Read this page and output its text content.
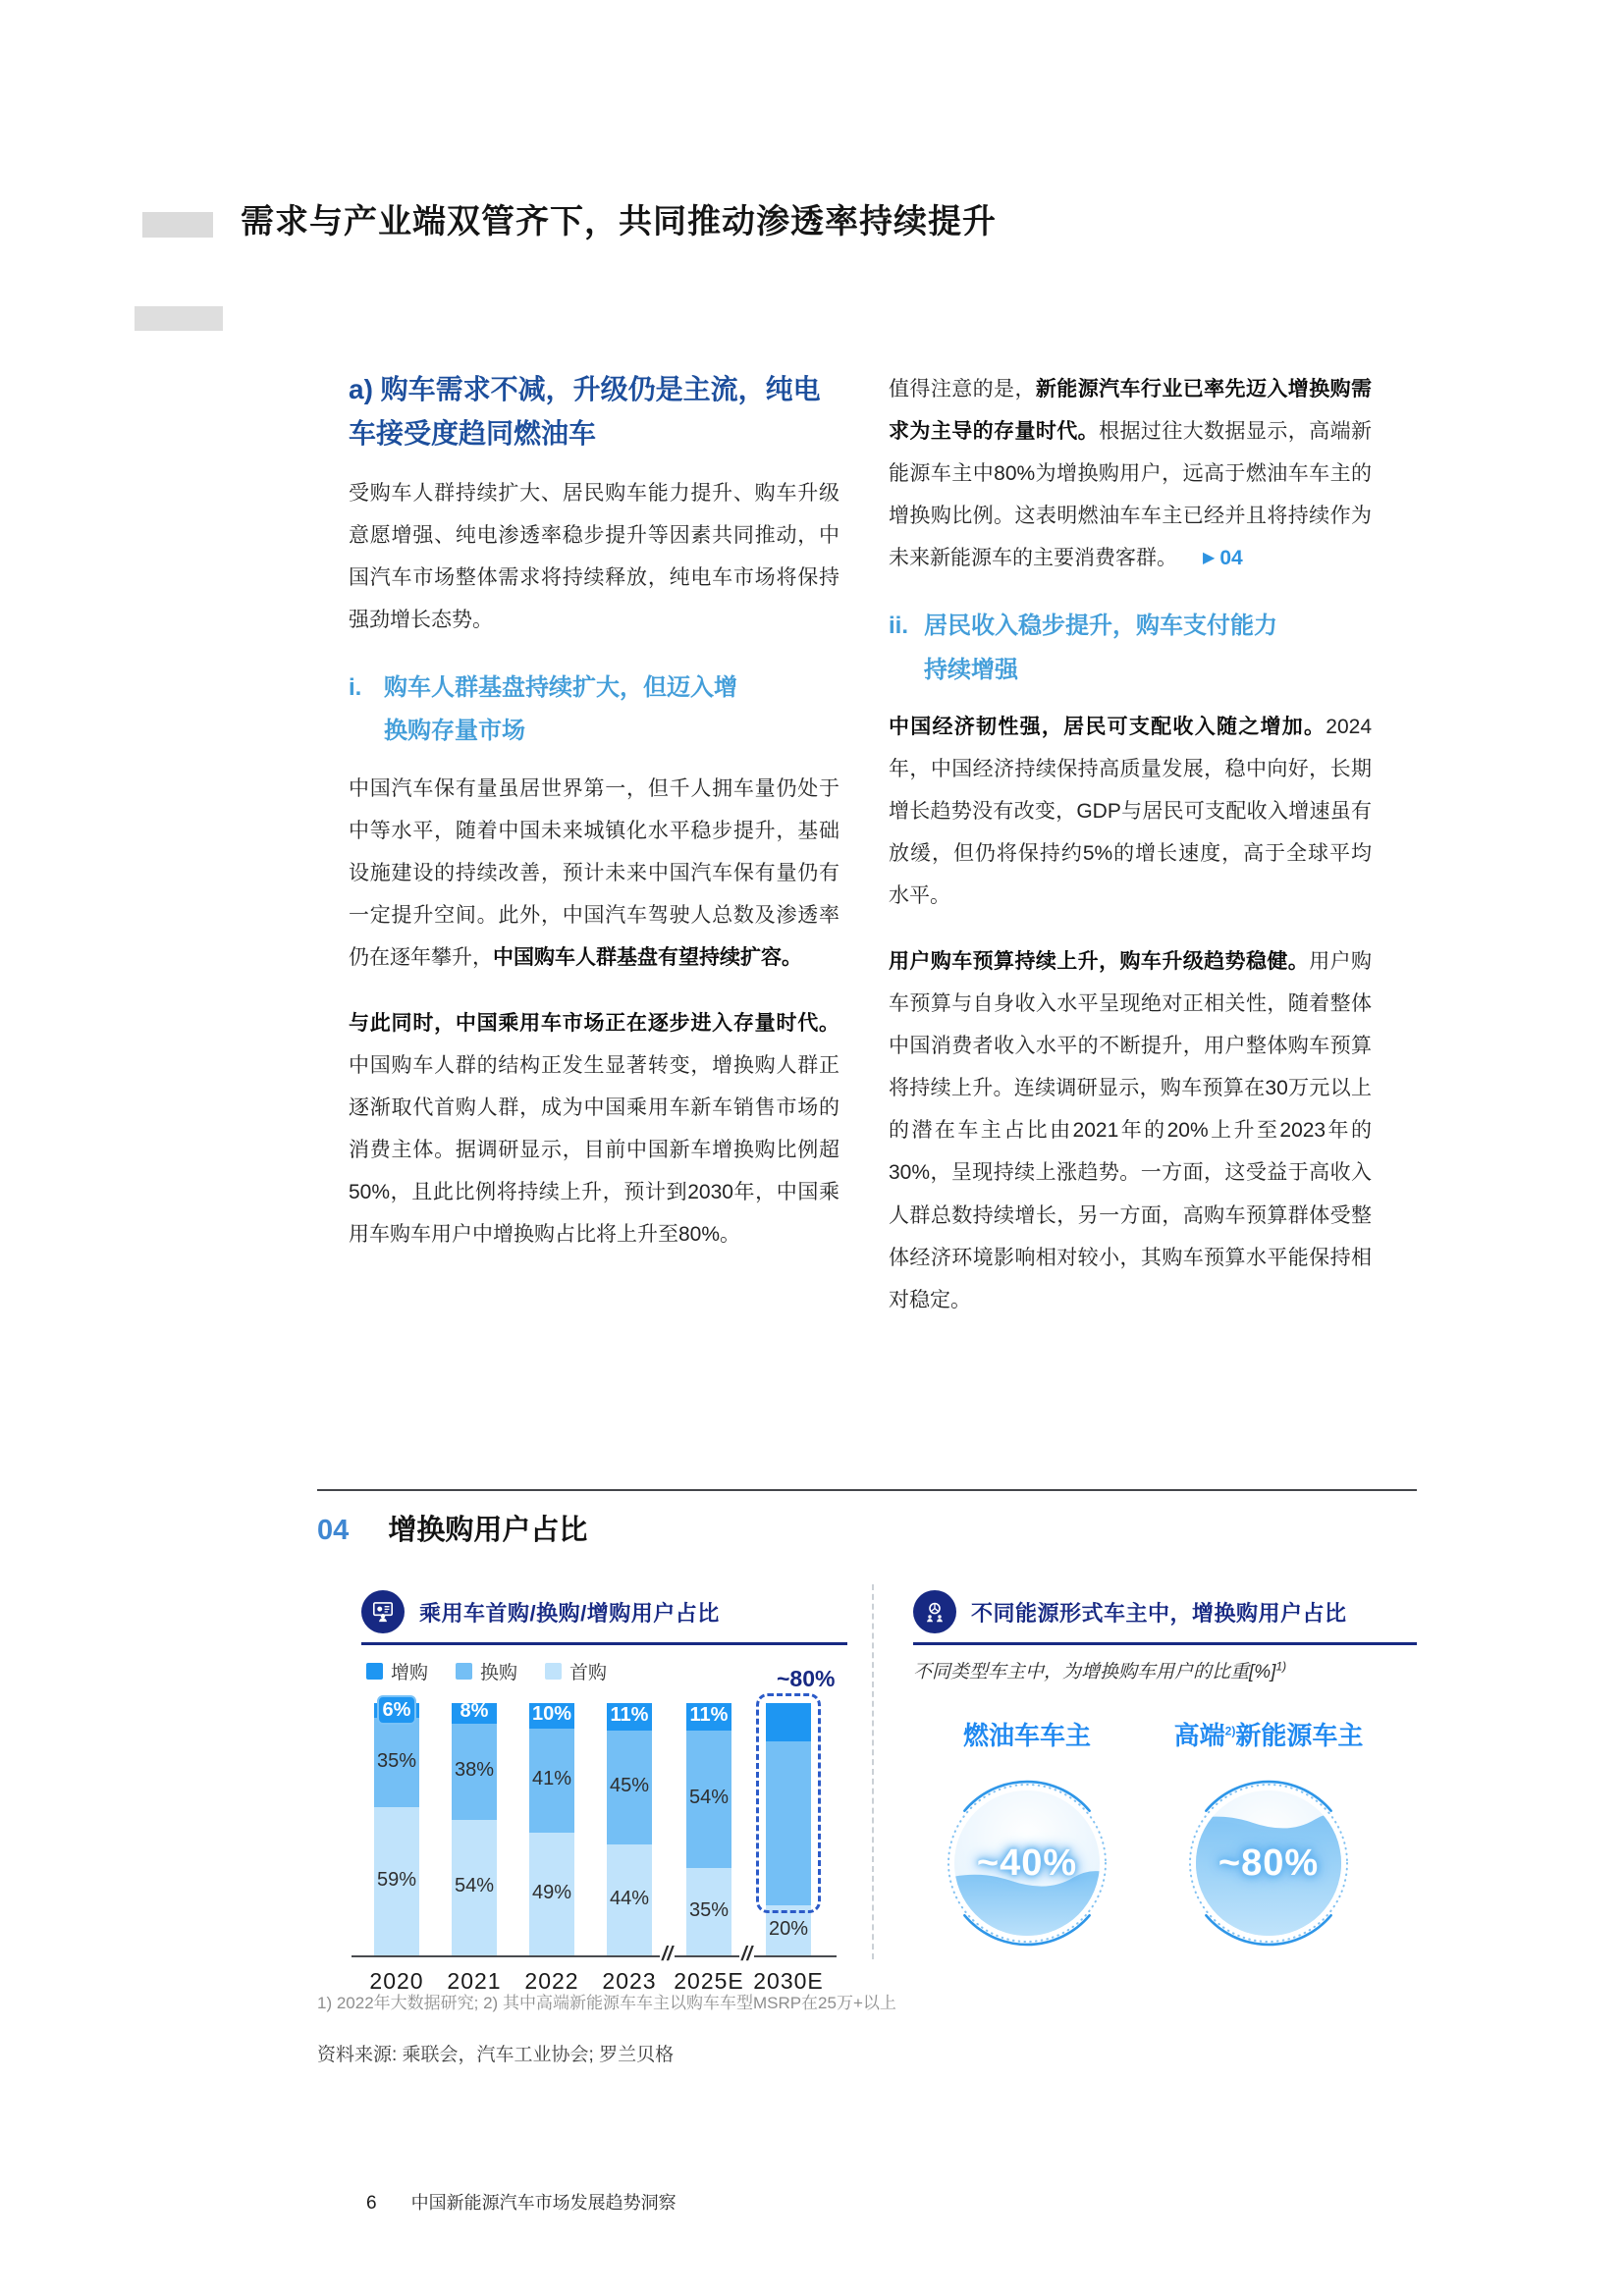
需求与产业端双管齐下，共同推动渗透率持续提升
a) 购车需求不减，升级仍是主流，纯电车接受度趋同燃油车

受购车人群持续扩大、居民购车能力提升、购车升级意愿增强、纯电渗透率稳步提升等因素共同推动，中国汽车市场整体需求将持续释放，纯电车市场将保持强劲增长态势。

i. 购车人群基盘持续扩大，但迈入增换购存量市场

中国汽车保有量虽居世界第一，但千人拥车量仍处于中等水平，随着中国未来城镇化水平稳步提升，基础设施建设的持续改善，预计未来中国汽车保有量仍有一定提升空间。此外，中国汽车驾驶人总数及渗透率仍在逐年攀升，中国购车人群基盘有望持续扩容。

与此同时，中国乘用车市场正在逐步进入存量时代。中国购车人群的结构正发生显著转变，增换购人群正逐渐取代首购人群，成为中国乘用车新车销售市场的消费主体。据调研显示，目前中国新车增换购比例超50%，且此比例将持续上升，预计到2030年，中国乘用车购车用户中增换购占比将上升至80%。

值得注意的是，新能源汽车行业已率先迈入增换购需求为主导的存量时代。根据过往大数据显示，高端新能源车主中80%为增换购用户，远高于燃油车车主的增换购比例。这表明燃油车车主已经并且将持续作为未来新能源车的主要消费客群。 ▶ 04

ii. 居民收入稳步提升，购车支付能力持续增强

中国经济韧性强，居民可支配收入随之增加。2024年，中国经济持续保持高质量发展，稳中向好，长期增长趋势没有改变，GDP与居民可支配收入增速虽有放缓，但仍将保持约5%的增长速度，高于全球平均水平。

用户购车预算持续上升，购车升级趋势稳健。用户购车预算与自身收入水平呈现绝对正相关性，随着整体中国消费者收入水平的不断提升，用户整体购车预算将持续上升。连续调研显示，购车预算在30万元以上的潜在车主占比由2021年的20%上升至2023年的30%，呈现持续上涨趋势。一方面，这受益于高收入人群总数持续增长，另一方面，高购车预算群体受整体经济环境影响相对较小，其购车预算水平能保持相对稳定。

04 增换购用户占比
乘用车首购/换购/增购用户占比
增购	换购	首购
59%
35%
6%
2020
54%
38%
8%
2021
49%
41%
10%
2022
44%
45%
11%
2023
35%
54%
11%
2025E
20%
2030E
//	//
~80%
不同能源形式车主中，增换购用户占比
不同类型车主中，为增换购车用户的比重[%]$^{1)}$
燃油车车主	高端$^{2)}$新能源车主
~40%	~80%
1) 2022年大数据研究; 2) 其中高端新能源车车主以购车车型MSRP在25万+以上
资料来源: 乘联会，汽车工业协会; 罗兰贝格
6 中国新能源汽车市场发展趋势洞察
